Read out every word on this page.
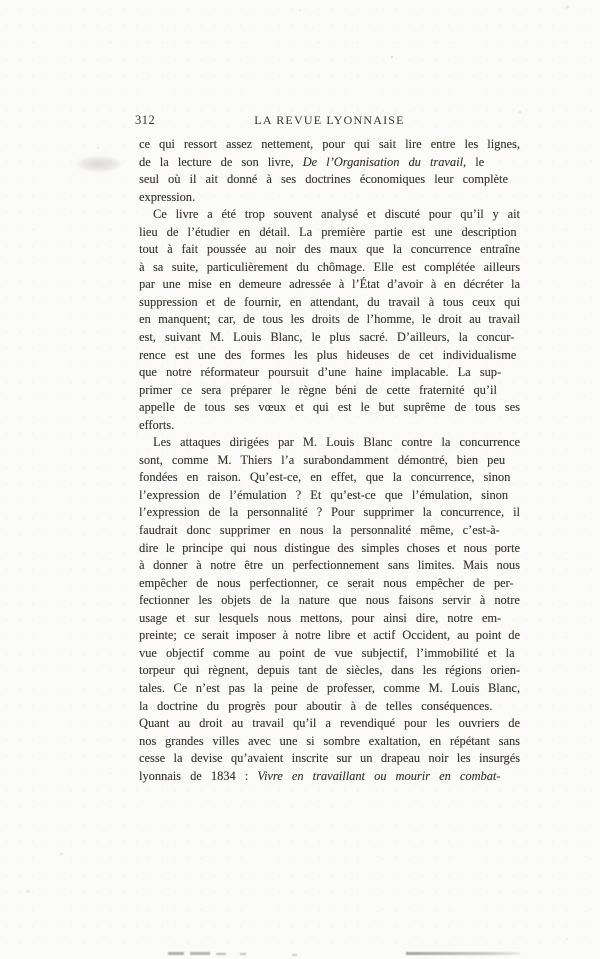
312	LA REVUE LYONNAISE
ce qui ressort assez nettement, pour qui sait lire entre les lignes,
de la lecture de son livre, De l’Organisation du travail, le
seul où il ait donné à ses doctrines économiques leur complète
expression.
Ce livre a été trop souvent analysé et discuté pour qu’il y ait
lieu de l’étudier en détail. La première partie est une description
tout à fait poussée au noir des maux que la concurrence entraîne
à sa suite, particulièrement du chômage. Elle est complétée ailleurs
par une mise en demeure adressée à l’État d’avoir à en décréter la
suppression et de fournir, en attendant, du travail à tous ceux qui
en manquent; car, de tous les droits de l’homme, le droit au travail
est, suivant M. Louis Blanc, le plus sacré. D’ailleurs, la concur-
rence est une des formes les plus hideuses de cet individualisme
que notre réformateur poursuit d’une haine implacable. La sup-
primer ce sera préparer le règne béni de cette fraternité qu’il
appelle de tous ses vœux et qui est le but suprême de tous ses
efforts.
Les attaques dirigées par M. Louis Blanc contre la concurrence
sont, comme M. Thiers l’a surabondamment démontré, bien peu
fondées en raison. Qu’est-ce, en effet, que la concurrence, sinon
l’expression de l’émulation ? Et qu’est-ce que l’émulation, sinon
l’expression de la personnalité ? Pour supprimer la concurrence, il
faudrait donc supprimer en nous la personnalité même, c’est-à-
dire le principe qui nous distingue des simples choses et nous porte
à donner à notre être un perfectionnement sans limites. Mais nous
empêcher de nous perfectionner, ce serait nous empêcher de per-
fectionner les objets de la nature que nous faisons servir à notre
usage et sur lesquels nous mettons, pour ainsi dire, notre em-
preinte; ce serait imposer à notre libre et actif Occident, au point de
vue objectif comme au point de vue subjectif, l’immobilité et la
torpeur qui règnent, depuis tant de siècles, dans les régions orien-
tales. Ce n’est pas la peine de professer, comme M. Louis Blanc,
la doctrine du progrès pour aboutir à de telles conséquences.
Quant au droit au travail qu’il a revendiqué pour les ouvriers de
nos grandes villes avec une si sombre exaltation, en répétant sans
cesse la devise qu’avaient inscrite sur un drapeau noir les insurgés
lyonnais de 1834 : Vivre en travaillant ou mourir en combat-
